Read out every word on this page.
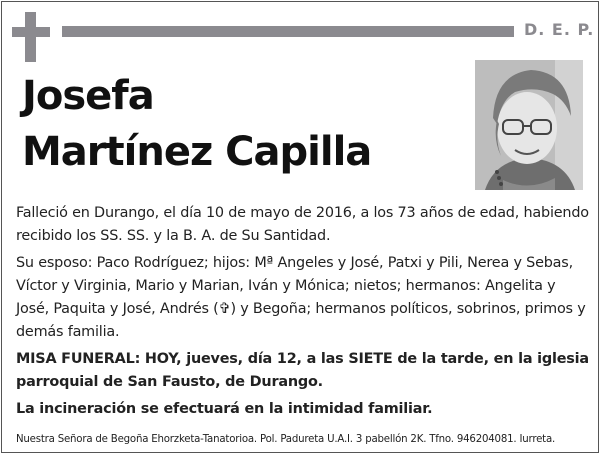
D. E. P.
Josefa
Martínez Capilla

Falleció en Durango, el día 10 de mayo de 2016, a los 73 años de edad, habiendo recibido los SS. SS. y la B. A. de Su Santidad.

Su esposo: Paco Rodríguez; hijos: Mª Angeles y José, Patxi y Pili, Nerea y Sebas, Víctor y Virginia, Mario y Marian, Iván y Mónica; nietos; hermanos: Angelita y José, Paquita y José, Andrés (✞) y Begoña; hermanos políticos, sobrinos, primos y demás familia.

MISA FUNERAL: HOY, jueves, día 12, a las SIETE de la tarde, en la iglesia parroquial de San Fausto, de Durango.

La incineración se efectuará en la intimidad familiar.

Nuestra Señora de Begoña Ehorzketa-Tanatorioa. Pol. Padureta U.A.I. 3 pabellón 2K. Tfno. 946204081. Iurreta.
